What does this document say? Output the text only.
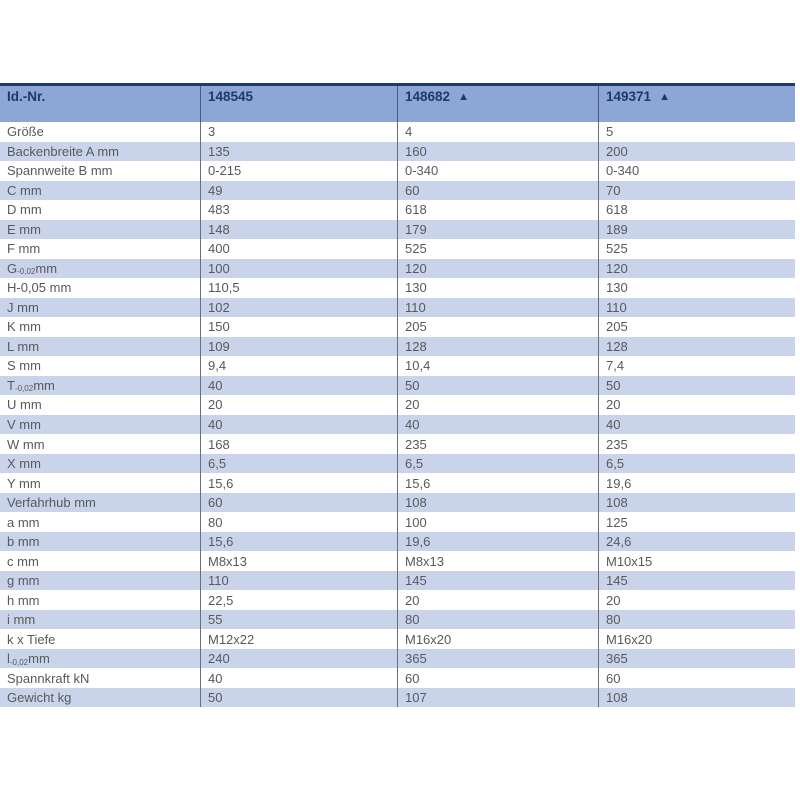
Id.-Nr.	148545	148682 ▲	149371 ▲
Größe	3	4	5
Backenbreite A mm	135	160	200
Spannweite B mm	0-215	0-340	0-340
C mm	49	60	70
D mm	483	618	618
E mm	148	179	189
F mm	400	525	525
G -0,02 mm	100	120	120
H-0,05 mm	110,5	130	130
J mm	102	110	110
K mm	150	205	205
L mm	109	128	128
S mm	9,4	10,4	7,4
T -0,02 mm	40	50	50
U mm	20	20	20
V mm	40	40	40
W mm	168	235	235
X mm	6,5	6,5	6,5
Y mm	15,6	15,6	19,6
Verfahrhub mm	60	108	108
a mm	80	100	125
b mm	15,6	19,6	24,6
c mm	M8x13	M8x13	M10x15
g mm	110	145	145
h mm	22,5	20	20
i mm	55	80	80
k x Tiefe	M12x22	M16x20	M16x20
l -0,02 mm	240	365	365
Spannkraft kN	40	60	60
Gewicht kg	50	107	108
